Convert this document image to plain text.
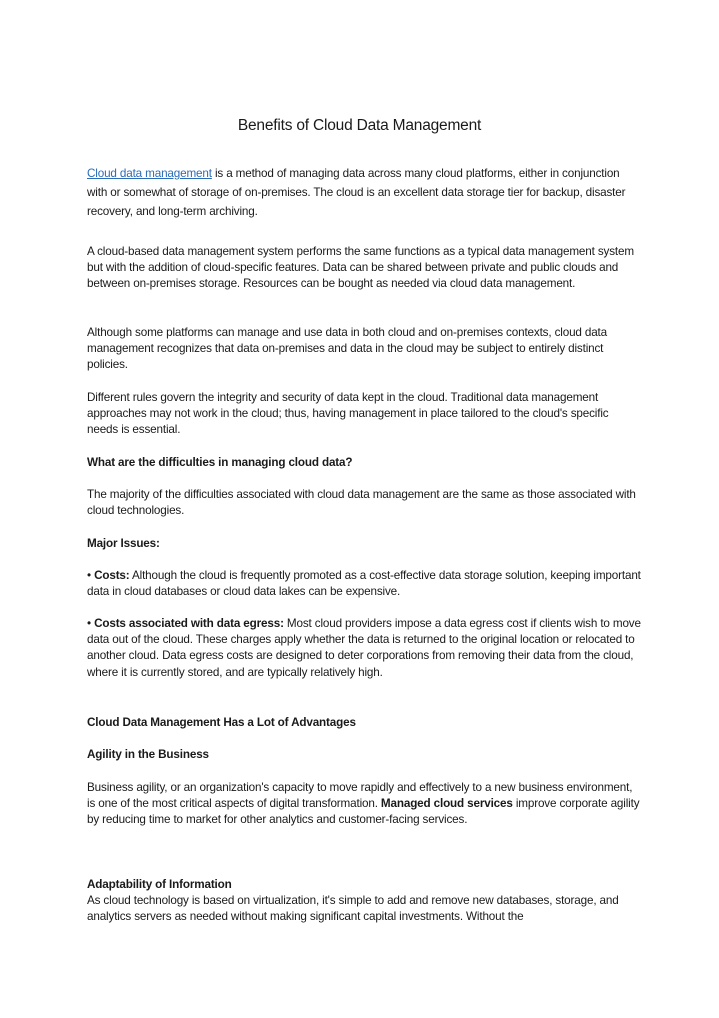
Benefits of Cloud Data Management
Cloud data management is a method of managing data across many cloud platforms, either in conjunction with or somewhat of storage of on-premises. The cloud is an excellent data storage tier for backup, disaster recovery, and long-term archiving.
A cloud-based data management system performs the same functions as a typical data management system but with the addition of cloud-specific features. Data can be shared between private and public clouds and between on-premises storage. Resources can be bought as needed via cloud data management.
Although some platforms can manage and use data in both cloud and on-premises contexts, cloud data management recognizes that data on-premises and data in the cloud may be subject to entirely distinct policies.
Different rules govern the integrity and security of data kept in the cloud. Traditional data management approaches may not work in the cloud; thus, having management in place tailored to the cloud's specific needs is essential.
What are the difficulties in managing cloud data?
The majority of the difficulties associated with cloud data management are the same as those associated with cloud technologies.
Major Issues:
• Costs: Although the cloud is frequently promoted as a cost-effective data storage solution, keeping important data in cloud databases or cloud data lakes can be expensive.
• Costs associated with data egress: Most cloud providers impose a data egress cost if clients wish to move data out of the cloud. These charges apply whether the data is returned to the original location or relocated to another cloud. Data egress costs are designed to deter corporations from removing their data from the cloud, where it is currently stored, and are typically relatively high.
Cloud Data Management Has a Lot of Advantages
Agility in the Business
Business agility, or an organization's capacity to move rapidly and effectively to a new business environment, is one of the most critical aspects of digital transformation. Managed cloud services improve corporate agility by reducing time to market for other analytics and customer-facing services.
Adaptability of Information
As cloud technology is based on virtualization, it's simple to add and remove new databases, storage, and analytics servers as needed without making significant capital investments. Without the
